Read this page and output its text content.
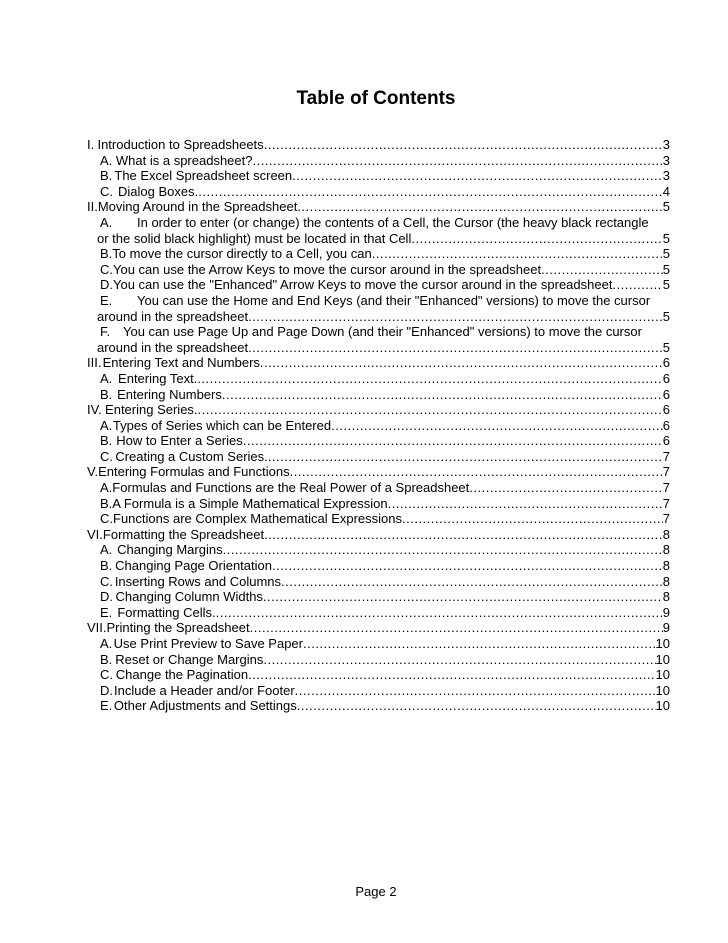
Table of Contents
I. Introduction to Spreadsheets .....	3
A. What is a spreadsheet? .....	3
B. The Excel Spreadsheet screen .....	3
C. Dialog Boxes. .....	4
II. Moving Around in the Spreadsheet .....	5
A.	In order to enter (or change) the contents of a Cell, the Cursor (the heavy black rectangle
or the solid black highlight) must be located in that Cell .....	5
B. To move the cursor directly to a Cell, you can .....	5
C. You can use the Arrow Keys to move the cursor around in the spreadsheet .....	5
D. You can use the "Enhanced" Arrow Keys to move the cursor around in the spreadsheet .....	5
E.	You can use the Home and End Keys (and their "Enhanced" versions) to move the cursor
around in the spreadsheet .....	5
F. You can use Page Up and Page Down (and their "Enhanced" versions) to move the cursor
around in the spreadsheet .....	5
III. Entering Text and Numbers .....	6
A. Entering Text. .....	6
B. Entering Numbers .....	6
IV. Entering Series. .....	6
A. Types of Series which can be Entered .....	6
B. How to Enter a Series .....	6
C. Creating a Custom Series. .....	7
V. Entering Formulas and Functions .....	7
A. Formulas and Functions are the Real Power of a Spreadsheet .....	7
B. A Formula is a Simple Mathematical Expression .....	7
C. Functions are Complex Mathematical Expressions .....	7
VI. Formatting the Spreadsheet .....	8
A. Changing Margins .....	8
B. Changing Page Orientation .....	8
C. Inserting Rows and Columns .....	8
D. Changing Column Widths .....	8
E. Formatting Cells. .....	9
VII. Printing the Spreadsheet .....	9
A. Use Print Preview to Save Paper .....	10
B. Reset or Change Margins .....	10
C. Change the Pagination .....	10
D. Include a Header and/or Footer .....	10
E. Other Adjustments and Settings .....	10
Page 2
